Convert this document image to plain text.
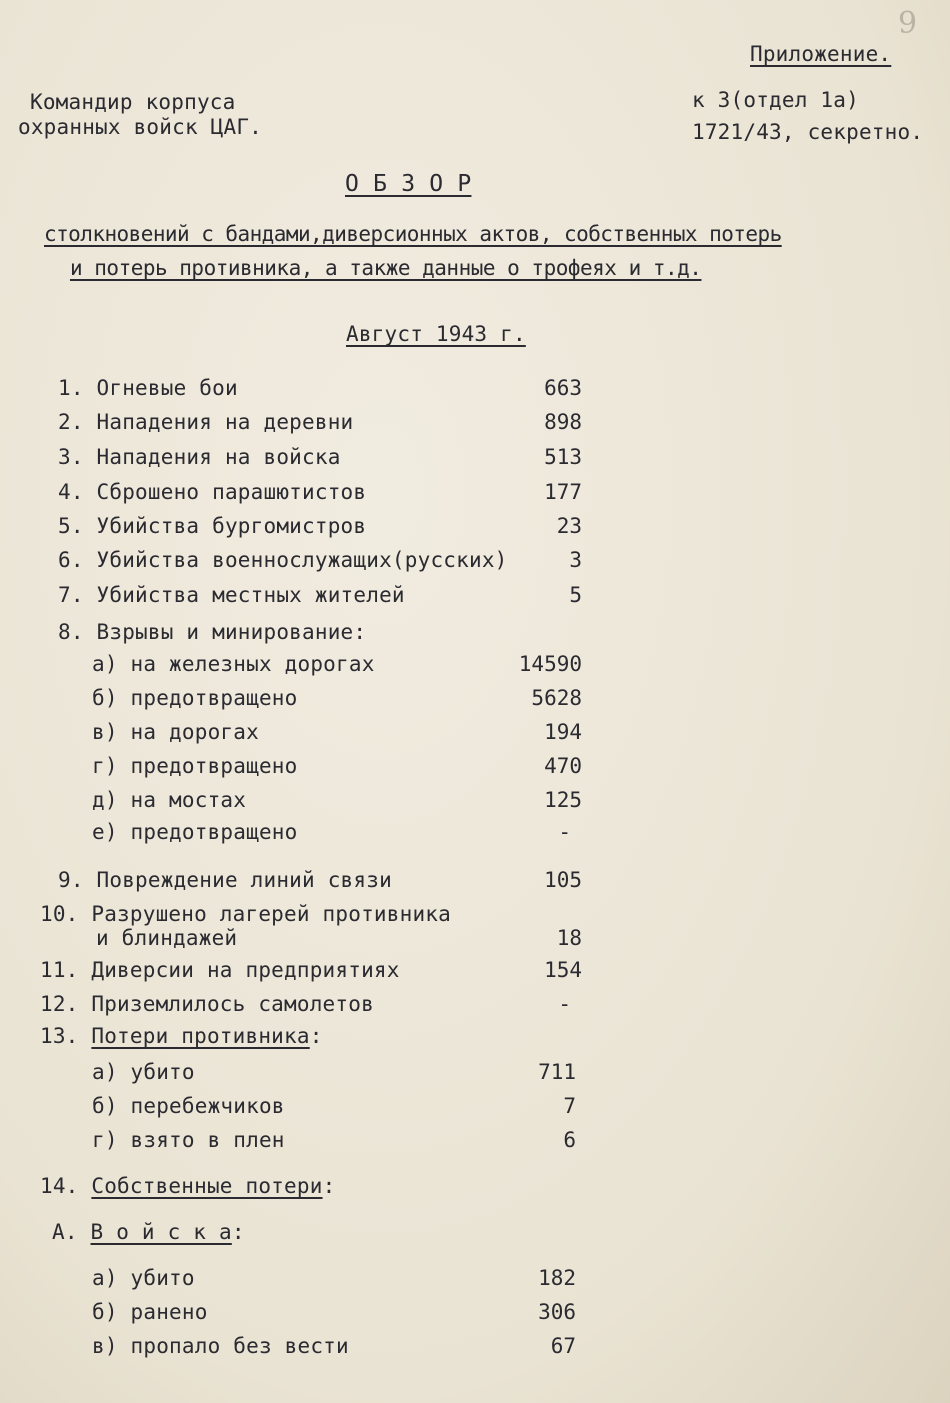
9
Приложение.
к 3(отдел 1а)
1721/43, секретно.
Командир корпуса
охранных войск ЦАГ.
О Б З О Р
столкновений с бандами,диверсионных актов, собственных потерь
и потерь противника, а также данные о трофеях и т.д.
Август 1943 г.
1. Огневые бои	663
2. Нападения на деревни	898
3. Нападения на войска	513
4. Сброшено парашютистов	177
5. Убийства бургомистров	23
6. Убийства военнослужащих(русских)	3
7. Убийства местных жителей	5
8. Взрывы и минирование:
а) на железных дорогах	14590
б) предотвращено	5628
в) на дорогах	194
г) предотвращено	470
д) на мостах	125
е) предотвращено	-
9. Повреждение линий связи	105
10. Разрушено лагерей противника
и блиндажей	18
11. Диверсии на предприятиях	154
12. Приземлилось самолетов	-
13. Потери противника:
а) убито	711
б) перебежчиков	7
г) взято в плен	6
14. Собственные потери:
А. В о й с к а:
а) убито	182
б) ранено	306
в) пропало без вести	67
